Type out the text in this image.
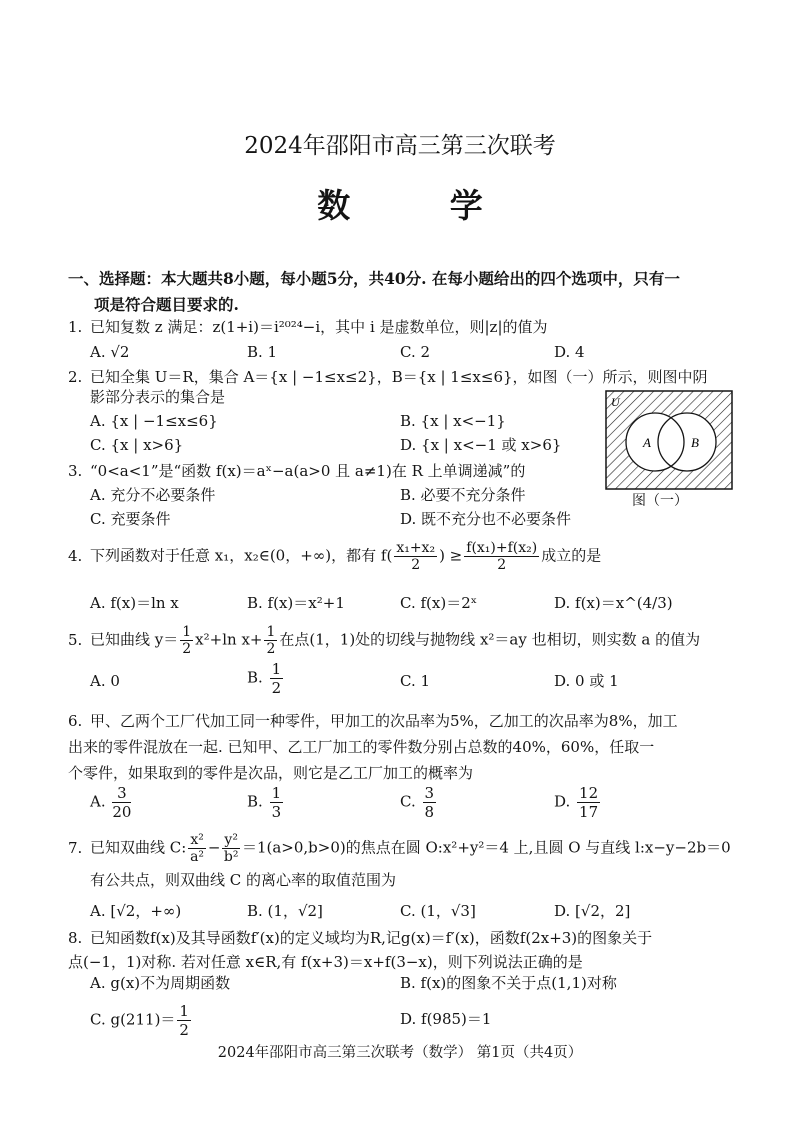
2024年邵阳市高三第三次联考
数 学
一、选择题：本大题共8小题，每小题5分，共40分. 在每小题给出的四个选项中，只有一
项是符合题目要求的.
1. 已知复数 z 满足：z(1+i)＝i²⁰²⁴−i，其中 i 是虚数单位，则|z|的值为
A. √2	B. 1	C. 2	D. 4
2. 已知全集 U＝R，集合 A＝{x | −1≤x≤2}，B＝{x | 1≤x≤6}，如图（一）所示，则图中阴
影部分表示的集合是
A. {x | −1≤x≤6}	B. {x | x<−1}
C. {x | x>6}	D. {x | x<−1 或 x>6}
U
A	B
图（一）
3. “0<a<1”是“函数 f(x)＝aˣ−a(a>0 且 a≠1)在 R 上单调递减”的
A. 充分不必要条件	B. 必要不充分条件
C. 充要条件	D. 既不充分也不必要条件
4. 下列函数对于任意 x₁，x₂∈(0，+∞)，都有 $f( \frac{\text{x₁+x₂}}{2}$ ) ≥ $\frac{\text{f(x₁)+f(x₂)}}{2}$ 成立的是
A. f(x)＝ln x	B. f(x)＝x²+1	C. f(x)＝2ˣ	D. f(x)＝x^(4/3)
5. 已知曲线 $y= \frac{1}{2} x^2+\ln$ $x+ \frac{1}{2}$ 在点(1，1)处的切线与抛物线 x²＝ay 也相切，则实数 a 的值为
A. 0	B. $\frac{1}{2}$	C. 1	D. 0 或 1
6. 甲、乙两个工厂代加工同一种零件，甲加工的次品率为5%，乙加工的次品率为8%，加工
出来的零件混放在一起. 已知甲、乙工厂加工的零件数分别占总数的40%，60%，任取一
个零件，如果取到的零件是次品，则它是乙工厂加工的概率为
A. $\frac{3}{20}$	B. $\frac{1}{3}$	C. $\frac{3}{8}$	D. $\frac{12}{17}$
7. 已知双曲线 C: $\frac{\text{x²}}{\text{a²}} - \frac{\text{y²}}{\text{b²}} =1(a>0,b>0)$的焦点在圆 O:x²+y²＝4 上,且圆 O 与直线 l:x−y−2b＝0
有公共点，则双曲线 C 的离心率的取值范围为
A. [√2，+∞)	B. (1，√2]	C. (1，√3]	D. [√2，2]
8. 已知函数f(x)及其导函数f′(x)的定义域均为R,记g(x)＝f′(x)，函数f(2x+3)的图象关于
点(−1，1)对称. 若对任意 x∈R,有 f(x+3)＝x+f(3−x)，则下列说法正确的是
A. g(x)不为周期函数	B. f(x)的图象不关于点(1,1)对称
C. $g(211)= \frac{1}{2}$	D. f(985)＝1
2024年邵阳市高三第三次联考（数学） 第1页（共4页）
